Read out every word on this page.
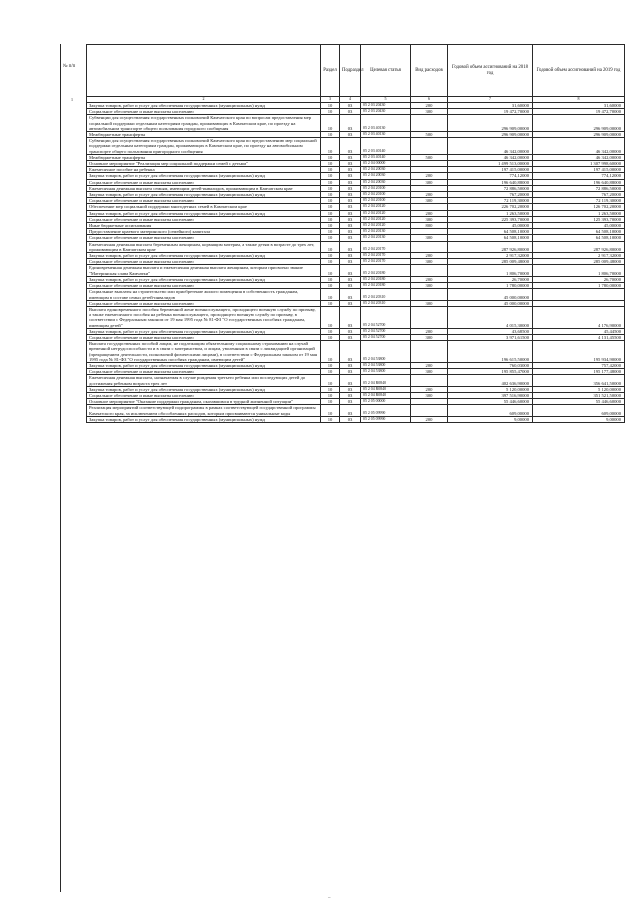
№ п/п
1
	Раздел	Подраздел	Целевая статья	Вид расходов	Годовой объем ассигнований на 2018 год	Годовой объем ассигнований на 2019 год
2	3	4	5	6	7	8
Закупка товаров, работ и услуг для обеспечения государственных (муниципальных) нужд	10	03	05 2 03 20430	200	31,60000	31,60000
Социальное обеспечение и иные выплаты населению	10	03	05 2 03 20430	300	19 472,70000	19 472,70000
Субвенции для осуществления государственных полномочий Камчатского края по вопросам предоставления мер социальной поддержки отдельным категориям граждан, проживающих в Камчатском крае, по проезду на автомобильном транспорте общего пользования городского сообщения	10	03	05 2 03 40130		296 909,00000	296 909,00000
Межбюджетные трансферты	10	03	05 2 03 40130	500	296 909,00000	296 909,00000
Субвенции для осуществления государственных полномочий Камчатского края по предоставлению мер социальной поддержки отдельным категориям граждан, проживающих в Камчатском крае, по проезду на автомобильном транспорте общего пользования пригородного сообщения	10	03	05 2 03 40140		46 342,00000	46 342,00000
Межбюджетные трансферты	10	03	05 2 03 40140	500	46 342,00000	46 342,00000
Основное мероприятие "Реализация мер социальной поддержки семей с детьми"	10	03	05 2 04 00000		1 499 513,00000	1 307 998,60000
Ежемесячное пособие на ребенка	10	03	05 2 04 20030		197 415,00000	197 415,00000
Закупка товаров, работ и услуг для обеспечения государственных (муниципальных) нужд	10	03	05 2 04 20030	200	774,12000	774,12000
Социальное обеспечение и иные выплаты населению	10	03	05 2 04 20030	300	196 640,88000	196 640,88000
Ежемесячная денежная выплата семьям, имеющим детей-инвалидов, проживающим в Камчатском крае	10	03	05 2 04 20100		72 886,50000	72 886,50000
Закупка товаров, работ и услуг для обеспечения государственных (муниципальных) нужд	10	03	05 2 04 20100	200	767,20000	767,20000
Социальное обеспечение и иные выплаты населению	10	03	05 2 04 20100	300	72 119,30000	72 119,30000
Обеспечение мер социальной поддержки многодетных семей в Камчатском крае	10	03	05 2 04 20120		226 702,20000	126 702,20000
Закупка товаров, работ и услуг для обеспечения государственных (муниципальных) нужд	10	03	05 2 04 20120	200	1 263,50000	1 263,50000
Социальное обеспечение и иные выплаты населению	10	03	05 2 04 20120	300	225 393,70000	125 393,70000
Иные бюджетные ассигнования	10	03	05 2 04 20120	800	45,00000	45,00000
Предоставление краевого материнского (семейного) капитала	10	03	05 2 04 20130		64 508,10000	64 508,10000
Социальное обеспечение и иные выплаты населению	10	03	05 2 04 20130	300	64 508,10000	64 508,10000
Ежемесячная денежная выплата беременным женщинам, кормящим матерям, а также детям в возрасте до трех лет, проживающим в Камчатском крае	10	03	05 2 04 20170		287 926,80000	287 926,80000
Закупка товаров, работ и услуг для обеспечения государственных (муниципальных) нужд	10	03	05 2 04 20170	200	2 917,32000	2 917,32000
Социальное обеспечение и иные выплаты населению	10	03	05 2 04 20170	300	285 009,48000	285 009,48000
Единовременная денежная выплата и ежемесячная денежная выплата женщинам, которым присвоено звание "Материнская слава Камчатки"	10	03	05 2 04 20180		1 806,70000	1 806,70000
Закупка товаров, работ и услуг для обеспечения государственных (муниципальных) нужд	10	03	05 2 04 20180	200	26,70000	26,70000
Социальное обеспечение и иные выплаты населению	10	03	05 2 04 20180	300	1 780,00000	1 780,00000
Социальные выплаты на строительство или приобретение жилого помещения в собственность гражданам, имеющим в составе семьи детей-инвалидов	10	03	05 2 04 20310		45 000,00000	
Социальное обеспечение и иные выплаты населению	10	03	05 2 04 20310	300	45 000,00000	
Выплата единовременного пособия беременной жене военнослужащего, проходящего военную службу по призыву, а также ежемесячного пособия на ребенка военнослужащего, проходящего военную службу по призыву, в соответствии с Федеральным законом от 19 мая 1995 года № 81-ФЗ "О государственных пособиях гражданам, имеющим детей"	10	03	05 2 04 52700		4 015,30000	4 176,90000
Закупка товаров, работ и услуг для обеспечения государственных (муниципальных) нужд	10	03	05 2 04 52700	200	43,68500	45,44500
Социальное обеспечение и иные выплаты населению	10	03	05 2 04 52700	300	3 971,61500	4 131,45500
Выплата государственных пособий лицам, не подлежащим обязательному социальному страхованию на случай временной нетрудоспособности и в связи с материнством, и лицам, уволенным в связи с ликвидацией организаций (прекращением деятельности, полномочий физическими лицами), в соответствии с Федеральным законом от 19 мая 1995 года № 81-ФЗ "О государственных пособиях гражданам, имеющим детей"	10	03	05 2 04 53800		196 615,50000	195 934,90000
Закупка товаров, работ и услуг для обеспечения государственных (муниципальных) нужд	10	03	05 2 04 53800	200	760,03000	757,42000
Социальное обеспечение и иные выплаты населению	10	03	05 2 04 53800	300	195 855,47000	195 177,48000
Ежемесячная денежная выплата, назначаемая в случае рождения третьего ребенка или последующих детей до достижения ребенком возраста трех лет	10	03	05 2 04 R0840		402 636,90000	356 641,50000
Закупка товаров, работ и услуг для обеспечения государственных (муниципальных) нужд	10	03	05 2 04 R0840	200	5 120,00000	5 120,00000
Социальное обеспечение и иные выплаты населению	10	03	05 2 04 R0840	300	397 516,90000	351 521,50000
Основное мероприятие "Оказание поддержки гражданам, оказавшимся в трудной жизненной ситуации"	10	03	05 2 05 00000		55 446,60000	55 446,60000
Реализация мероприятий соответствующей подпрограммы в рамках соответствующей государственной программы Камчатского края, за исключением обособленных расходов, которым присваиваются уникальные коды	10	03	05 2 05 09990		609,00000	609,00000
Закупка товаров, работ и услуг для обеспечения государственных (муниципальных) нужд	10	03	05 2 05 09990	200	9,00000	9,00000
–
